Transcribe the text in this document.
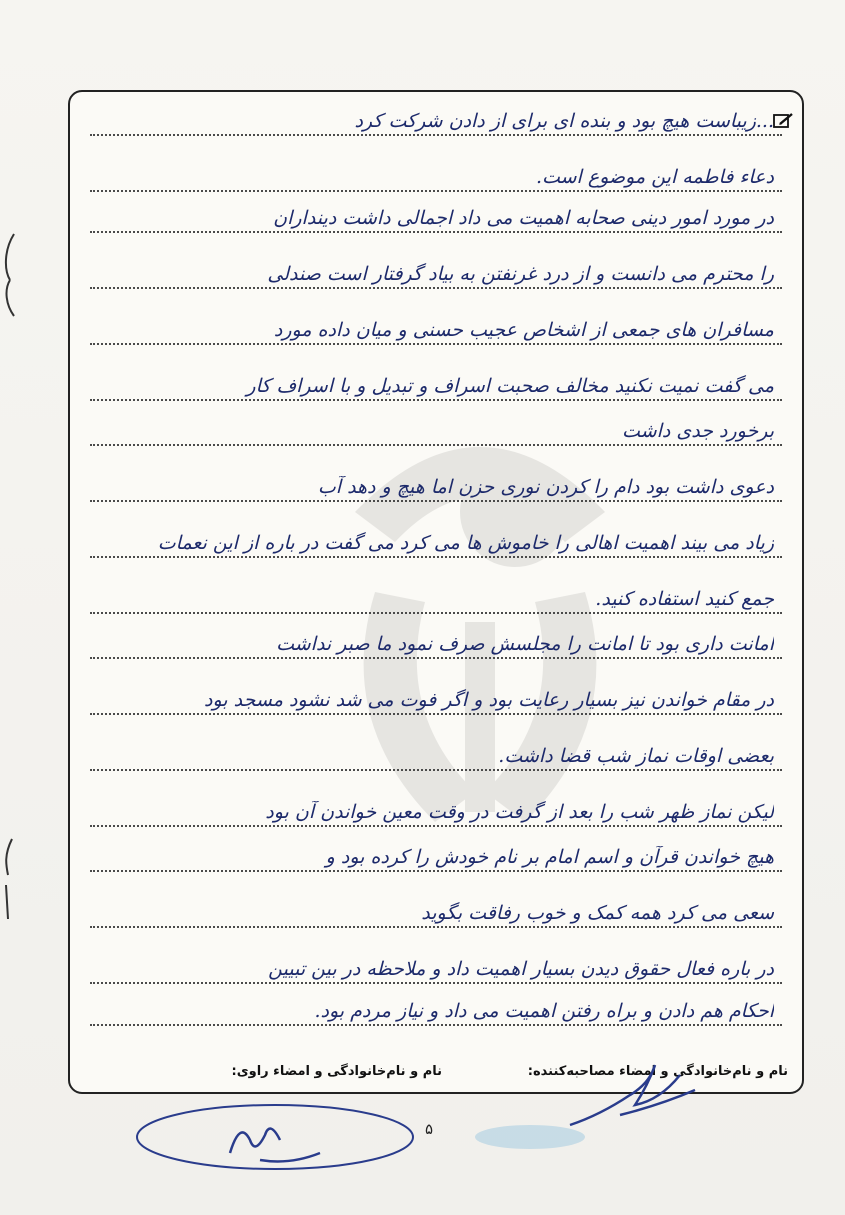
...زیباست هیچ بود و بنده ای برای از دادن شرکت کرد
دعاء فاطمه این موضوع است.
در مورد امور دینی صحابه اهمیت می داد اجمالی داشت دینداران
را محترم می دانست و از درد غرنفتن به بیاد گرفتار است صندلی
مسافران های جمعی از اشخاص عجیب حسنی و میان داده مورد
می گفت نمیت نکنید مخالف صحبت اسراف و تبدیل و با اسراف کار
برخورد جدی داشت
دعوی داشت بود دام را کردن نوری حزن اما هیچ و دهد آب
زیاد می بیند اهمیت اهالی را خاموش ها می کرد می گفت در باره از این نعمات
جمع کنید استفاده کنید.
امانت داری بود تا امانت را مجلسش صرف نمود ما صبر نداشت
در مقام خواندن نیز بسیار رعایت بود و اگر فوت می شد نشود مسجد بود
بعضی اوقات نماز شب قضا داشت.
لیکن نماز ظهر شب را بعد از گرفت در وقت معین خواندن آن بود
هیچ خواندن قرآن و اسم امام بر نام خودش را کرده بود و
سعی می کرد همه کمک و خوب رفاقت بگوید
در باره فعال حقوق دیدن بسیار اهمیت داد و ملاحظه در بین تبیین
احکام هم دادن و براه رفتن اهمیت می داد و نیاز مردم بود.
نام و نام‌خانوادگی و امضاء مصاحبه‌کننده:
نام و نام‌خانوادگی و امضاء راوی:
۵
